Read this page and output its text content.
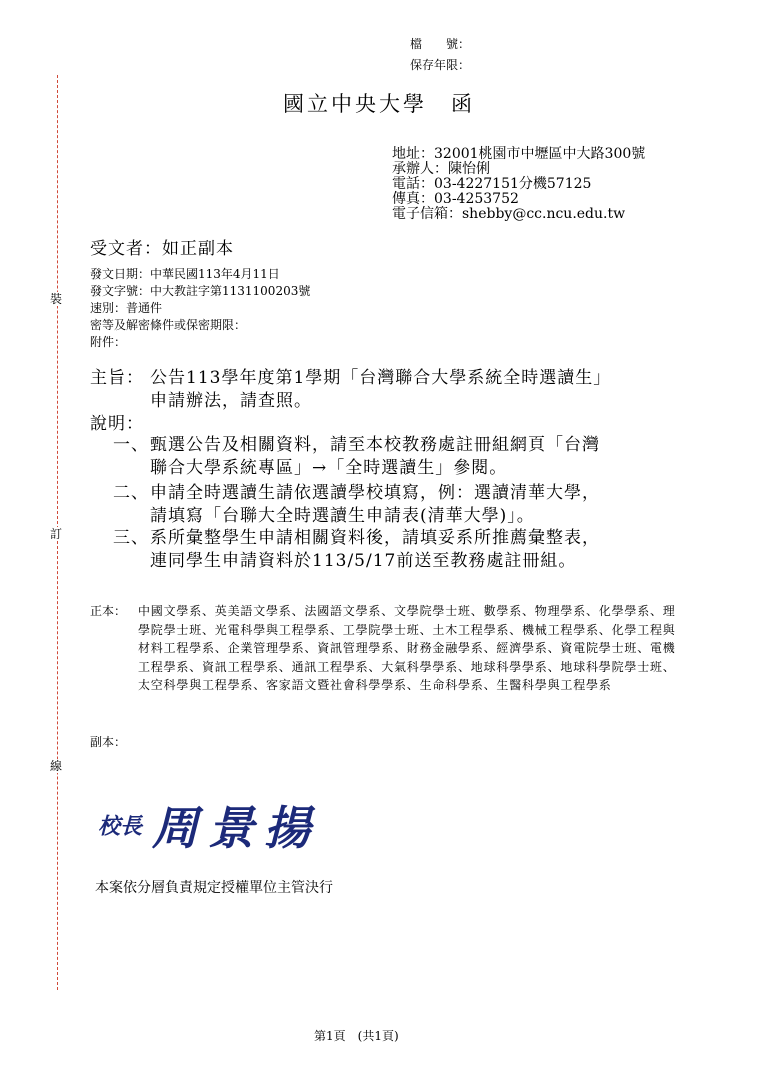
裝
訂
線
檔　　號：
保存年限：
國立中央大學　函
地址：32001桃園市中壢區中大路300號
承辦人：陳怡俐
電話：03-4227151分機57125
傳真：03-4253752
電子信箱：shebby@cc.ncu.edu.tw
受文者：如正副本
發文日期：中華民國113年4月11日
發文字號：中大教註字第1131100203號
速別：普通件
密等及解密條件或保密期限：
附件：
主旨： 公告113學年度第1學期「台灣聯合大學系統全時選讀生」
申請辦法，請查照。
說明：
一、 甄選公告及相關資料，請至本校教務處註冊組網頁「台灣
聯合大學系統專區」→「全時選讀生」參閱。
二、 申請全時選讀生請依選讀學校填寫，例：選讀清華大學，
請填寫「台聯大全時選讀生申請表(清華大學)」。
三、 系所彙整學生申請相關資料後，請填妥系所推薦彙整表，
連同學生申請資料於113/5/17前送至教務處註冊組。
正本： 中國文學系、英美語文學系、法國語文學系、文學院學士班、數學系、物理學系、化學學系、理學院學士班、光電科學與工程學系、工學院學士班、土木工程學系、機械工程學系、化學工程與材料工程學系、企業管理學系、資訊管理學系、財務金融學系、經濟學系、資電院學士班、電機工程學系、資訊工程學系、通訊工程學系、大氣科學學系、地球科學學系、地球科學院學士班、太空科學與工程學系、客家語文暨社會科學學系、生命科學系、生醫科學與工程學系
副本：
校長 周景揚
本案依分層負責規定授權單位主管決行
第1頁　(共1頁)
